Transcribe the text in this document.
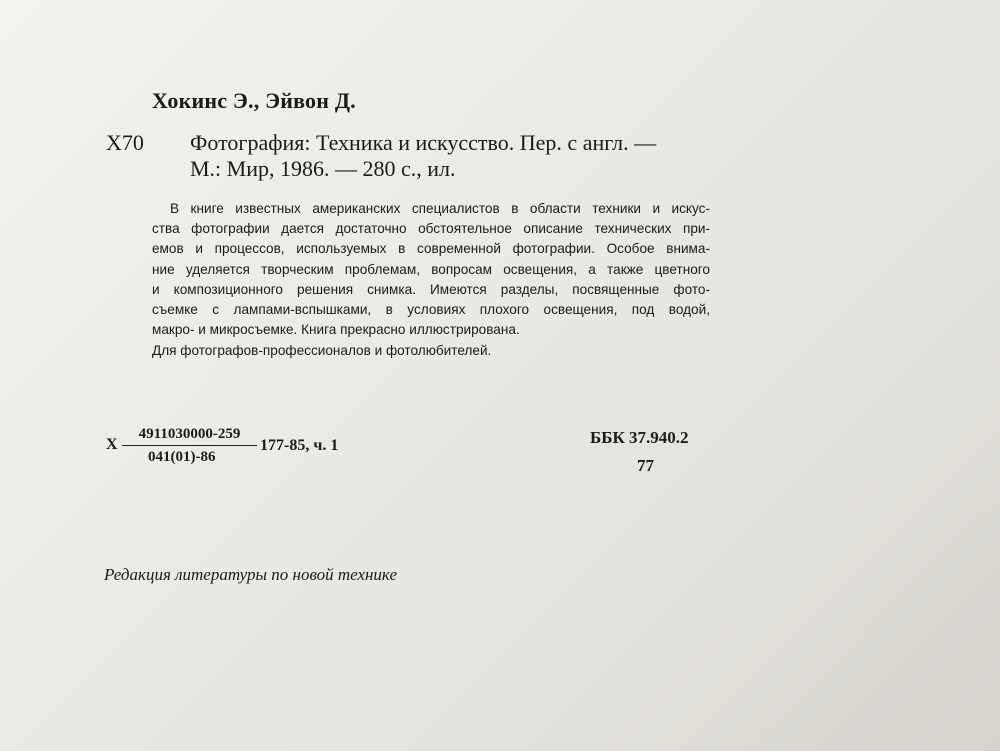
Хокинс Э., Эйвон Д.
Х70 Фотография: Техника и искусство. Пер. с англ. —
М.: Мир, 1986. — 280 с., ил.
В книге известных американских специалистов в области техники и искус-
ства фотографии дается достаточно обстоятельное описание технических при-
емов и процессов, используемых в современной фотографии. Особое внима-
ние уделяется творческим проблемам, вопросам освещения, а также цветного
и композиционного решения снимка. Имеются разделы, посвященные фото-
съемке с лампами-вспышками, в условиях плохого освещения, под водой,
макро- и микросъемке. Книга прекрасно иллюстрирована.
Для фотографов-профессионалов и фотолюбителей.
Х $\frac{4911030000-259}{041(01)-86} 177-85$, ч. 1	ББК 37.940.2
77
Редакция литературы по новой технике
